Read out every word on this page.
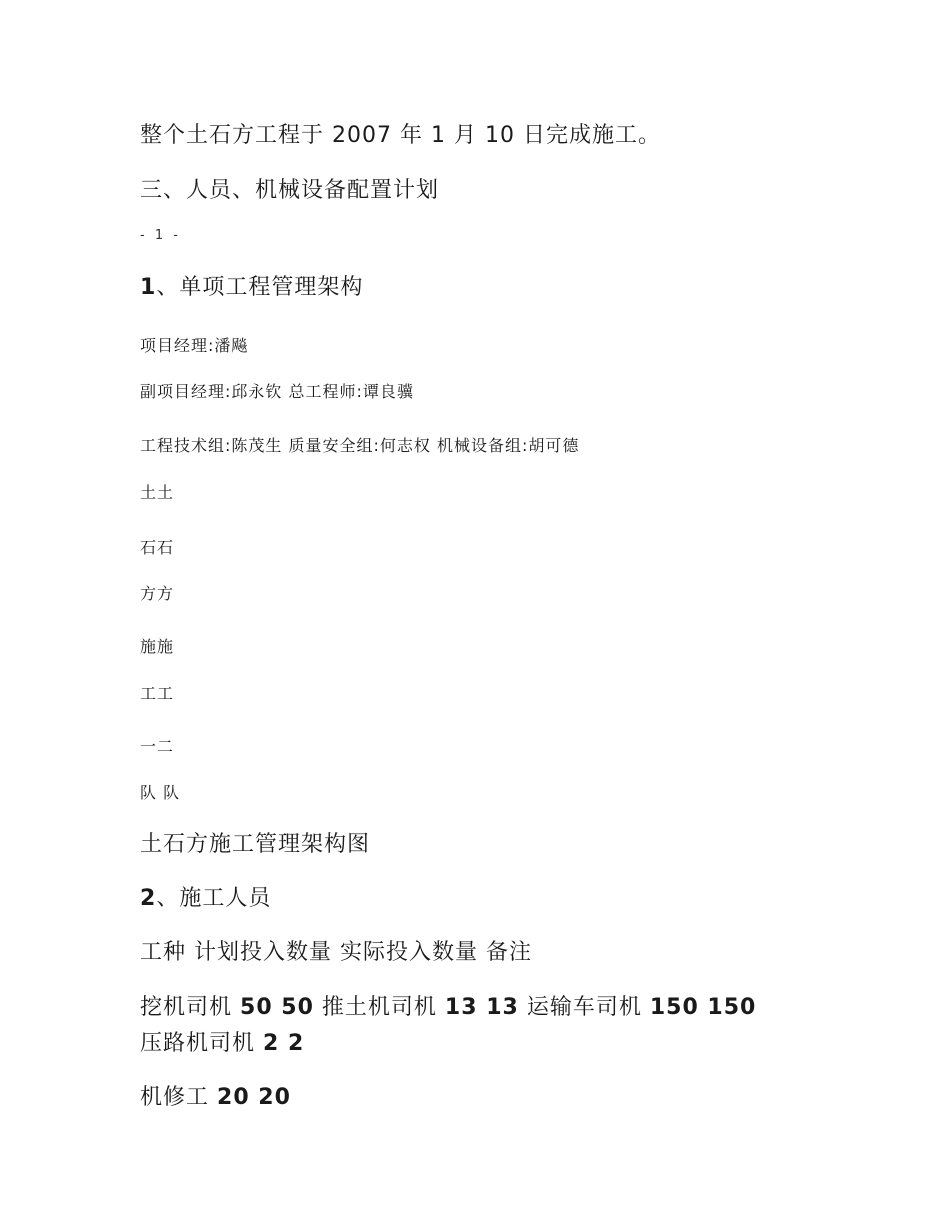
整个土石方工程于 2007 年 1 月 10 日完成施工。
三、人员、机械设备配置计划
- 1 -
1、单项工程管理架构
项目经理:潘飚
副项目经理:邱永钦 总工程师:谭良骥
工程技术组:陈茂生 质量安全组:何志权 机械设备组:胡可德
土土
石石
方方
施施
工工
一二
队 队
土石方施工管理架构图
2、施工人员
工种 计划投入数量 实际投入数量 备注
挖机司机 50 50 推土机司机 13 13 运输车司机 150 150
压路机司机 2 2
机修工 20 20
